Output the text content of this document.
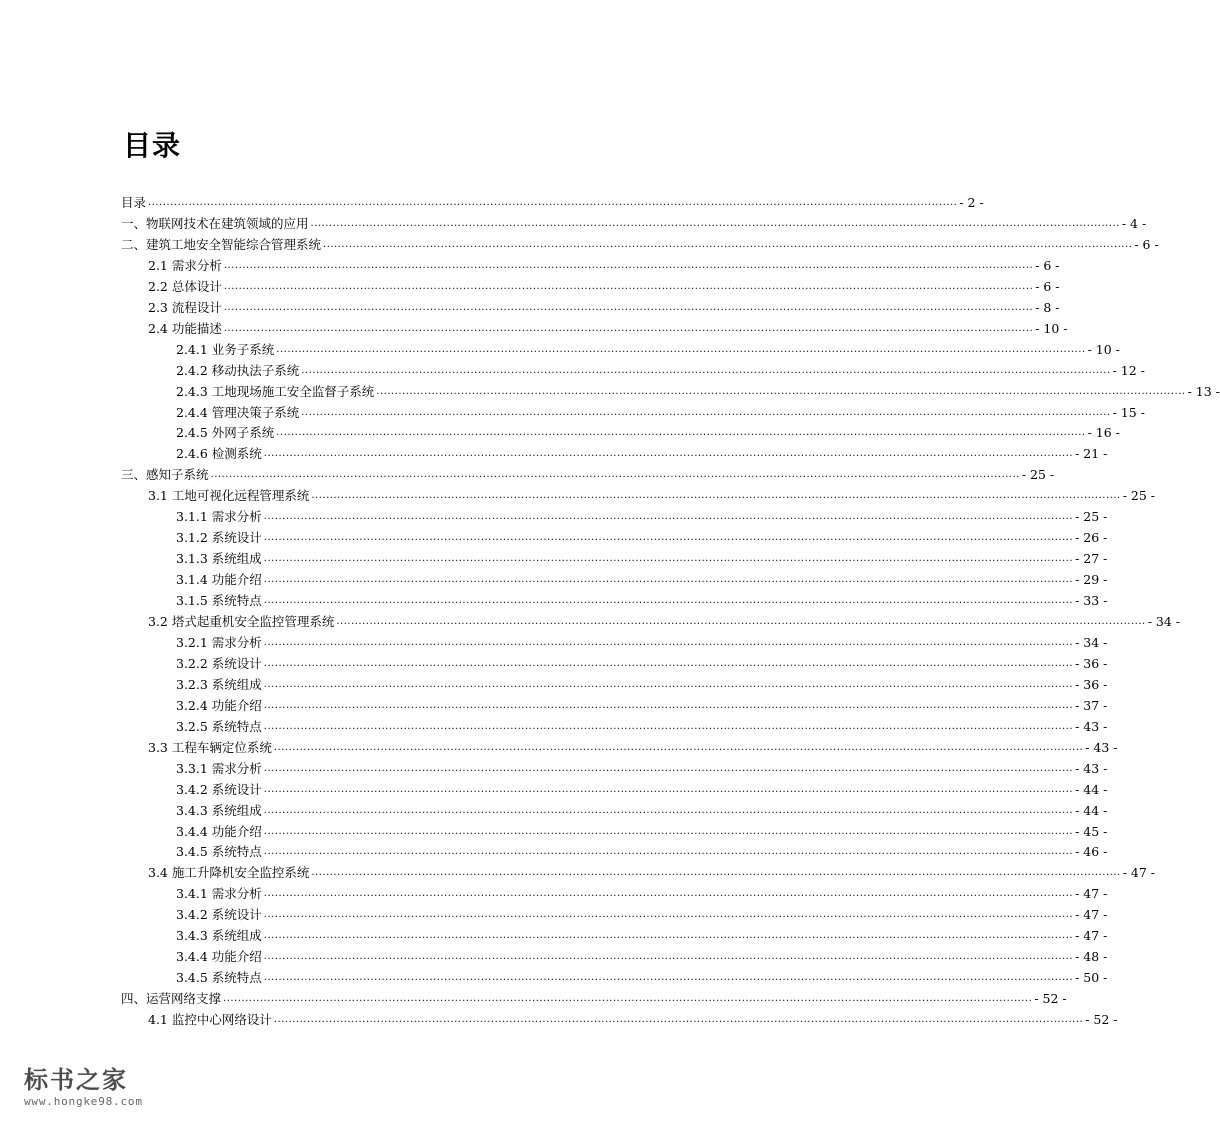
目录
目录 ............................................................................................................................................................................................................................ - 2 -
一、物联网技术在建筑领域的应用 ............................................................................................................................................................................................................................ - 4 -
二、建筑工地安全智能综合管理系统 ............................................................................................................................................................................................................................ - 6 -
2.1 需求分析 ............................................................................................................................................................................................................................ - 6 -
2.2 总体设计 ............................................................................................................................................................................................................................ - 6 -
2.3 流程设计 ............................................................................................................................................................................................................................ - 8 -
2.4 功能描述 ............................................................................................................................................................................................................................ - 10 -
2.4.1 业务子系统 ............................................................................................................................................................................................................................ - 10 -
2.4.2 移动执法子系统 ............................................................................................................................................................................................................................ - 12 -
2.4.3 工地现场施工安全监督子系统 ............................................................................................................................................................................................................................ - 13 -
2.4.4 管理决策子系统 ............................................................................................................................................................................................................................ - 15 -
2.4.5 外网子系统 ............................................................................................................................................................................................................................ - 16 -
2.4.6 检测系统 ............................................................................................................................................................................................................................ - 21 -
三、感知子系统 ............................................................................................................................................................................................................................ - 25 -
3.1 工地可视化远程管理系统 ............................................................................................................................................................................................................................ - 25 -
3.1.1 需求分析 ............................................................................................................................................................................................................................ - 25 -
3.1.2 系统设计 ............................................................................................................................................................................................................................ - 26 -
3.1.3 系统组成 ............................................................................................................................................................................................................................ - 27 -
3.1.4 功能介绍 ............................................................................................................................................................................................................................ - 29 -
3.1.5 系统特点 ............................................................................................................................................................................................................................ - 33 -
3.2 塔式起重机安全监控管理系统 ............................................................................................................................................................................................................................ - 34 -
3.2.1 需求分析 ............................................................................................................................................................................................................................ - 34 -
3.2.2 系统设计 ............................................................................................................................................................................................................................ - 36 -
3.2.3 系统组成 ............................................................................................................................................................................................................................ - 36 -
3.2.4 功能介绍 ............................................................................................................................................................................................................................ - 37 -
3.2.5 系统特点 ............................................................................................................................................................................................................................ - 43 -
3.3 工程车辆定位系统 ............................................................................................................................................................................................................................ - 43 -
3.3.1 需求分析 ............................................................................................................................................................................................................................ - 43 -
3.4.2 系统设计 ............................................................................................................................................................................................................................ - 44 -
3.4.3 系统组成 ............................................................................................................................................................................................................................ - 44 -
3.4.4 功能介绍 ............................................................................................................................................................................................................................ - 45 -
3.4.5 系统特点 ............................................................................................................................................................................................................................ - 46 -
3.4 施工升降机安全监控系统 ............................................................................................................................................................................................................................ - 47 -
3.4.1 需求分析 ............................................................................................................................................................................................................................ - 47 -
3.4.2 系统设计 ............................................................................................................................................................................................................................ - 47 -
3.4.3 系统组成 ............................................................................................................................................................................................................................ - 47 -
3.4.4 功能介绍 ............................................................................................................................................................................................................................ - 48 -
3.4.5 系统特点 ............................................................................................................................................................................................................................ - 50 -
四、运营网络支撑 ............................................................................................................................................................................................................................ - 52 -
4.1 监控中心网络设计 ............................................................................................................................................................................................................................ - 52 -
标书之家
www.hongke98.com
